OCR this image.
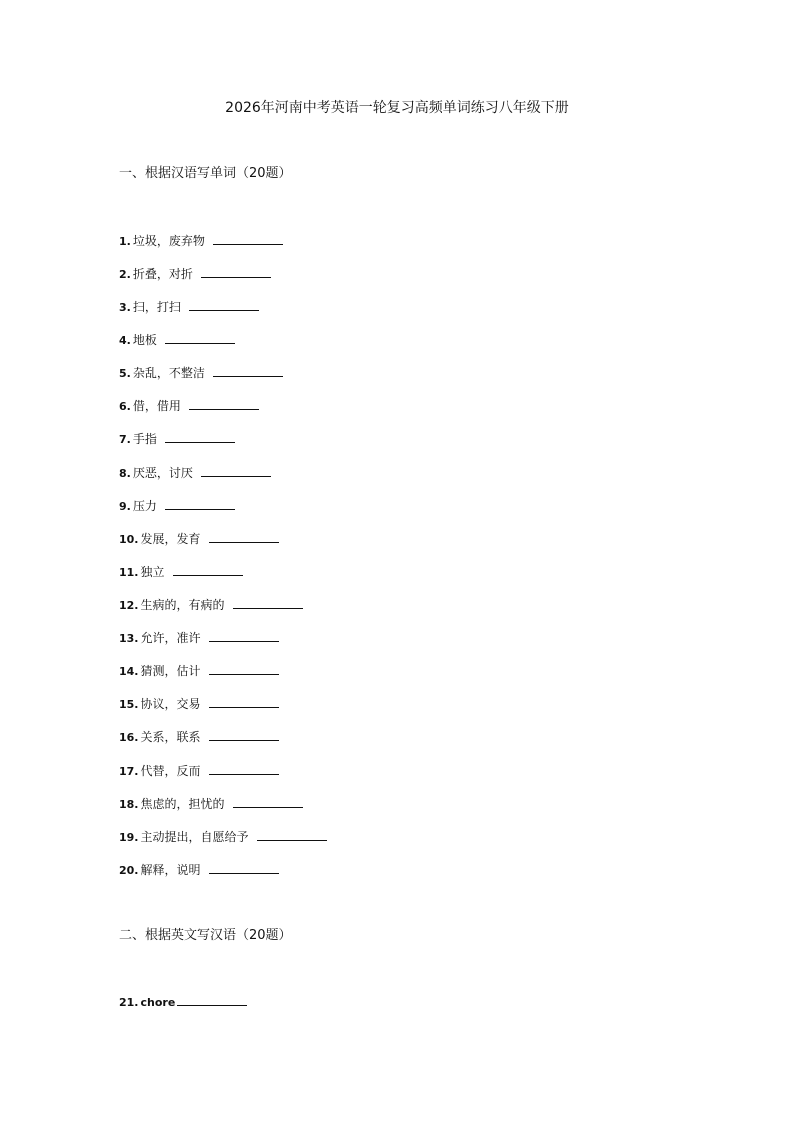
2026年河南中考英语一轮复习高频单词练习八年级下册
一、根据汉语写单词（20题）
1. 垃圾，废弃物
2. 折叠，对折
3. 扫，打扫
4. 地板
5. 杂乱，不整洁
6. 借，借用
7. 手指
8. 厌恶，讨厌
9. 压力
10. 发展，发育
11. 独立
12. 生病的，有病的
13. 允许，准许
14. 猜测，估计
15. 协议，交易
16. 关系，联系
17. 代替，反而
18. 焦虑的，担忧的
19. 主动提出，自愿给予
20. 解释，说明
二、根据英文写汉语（20题）
21. chore
